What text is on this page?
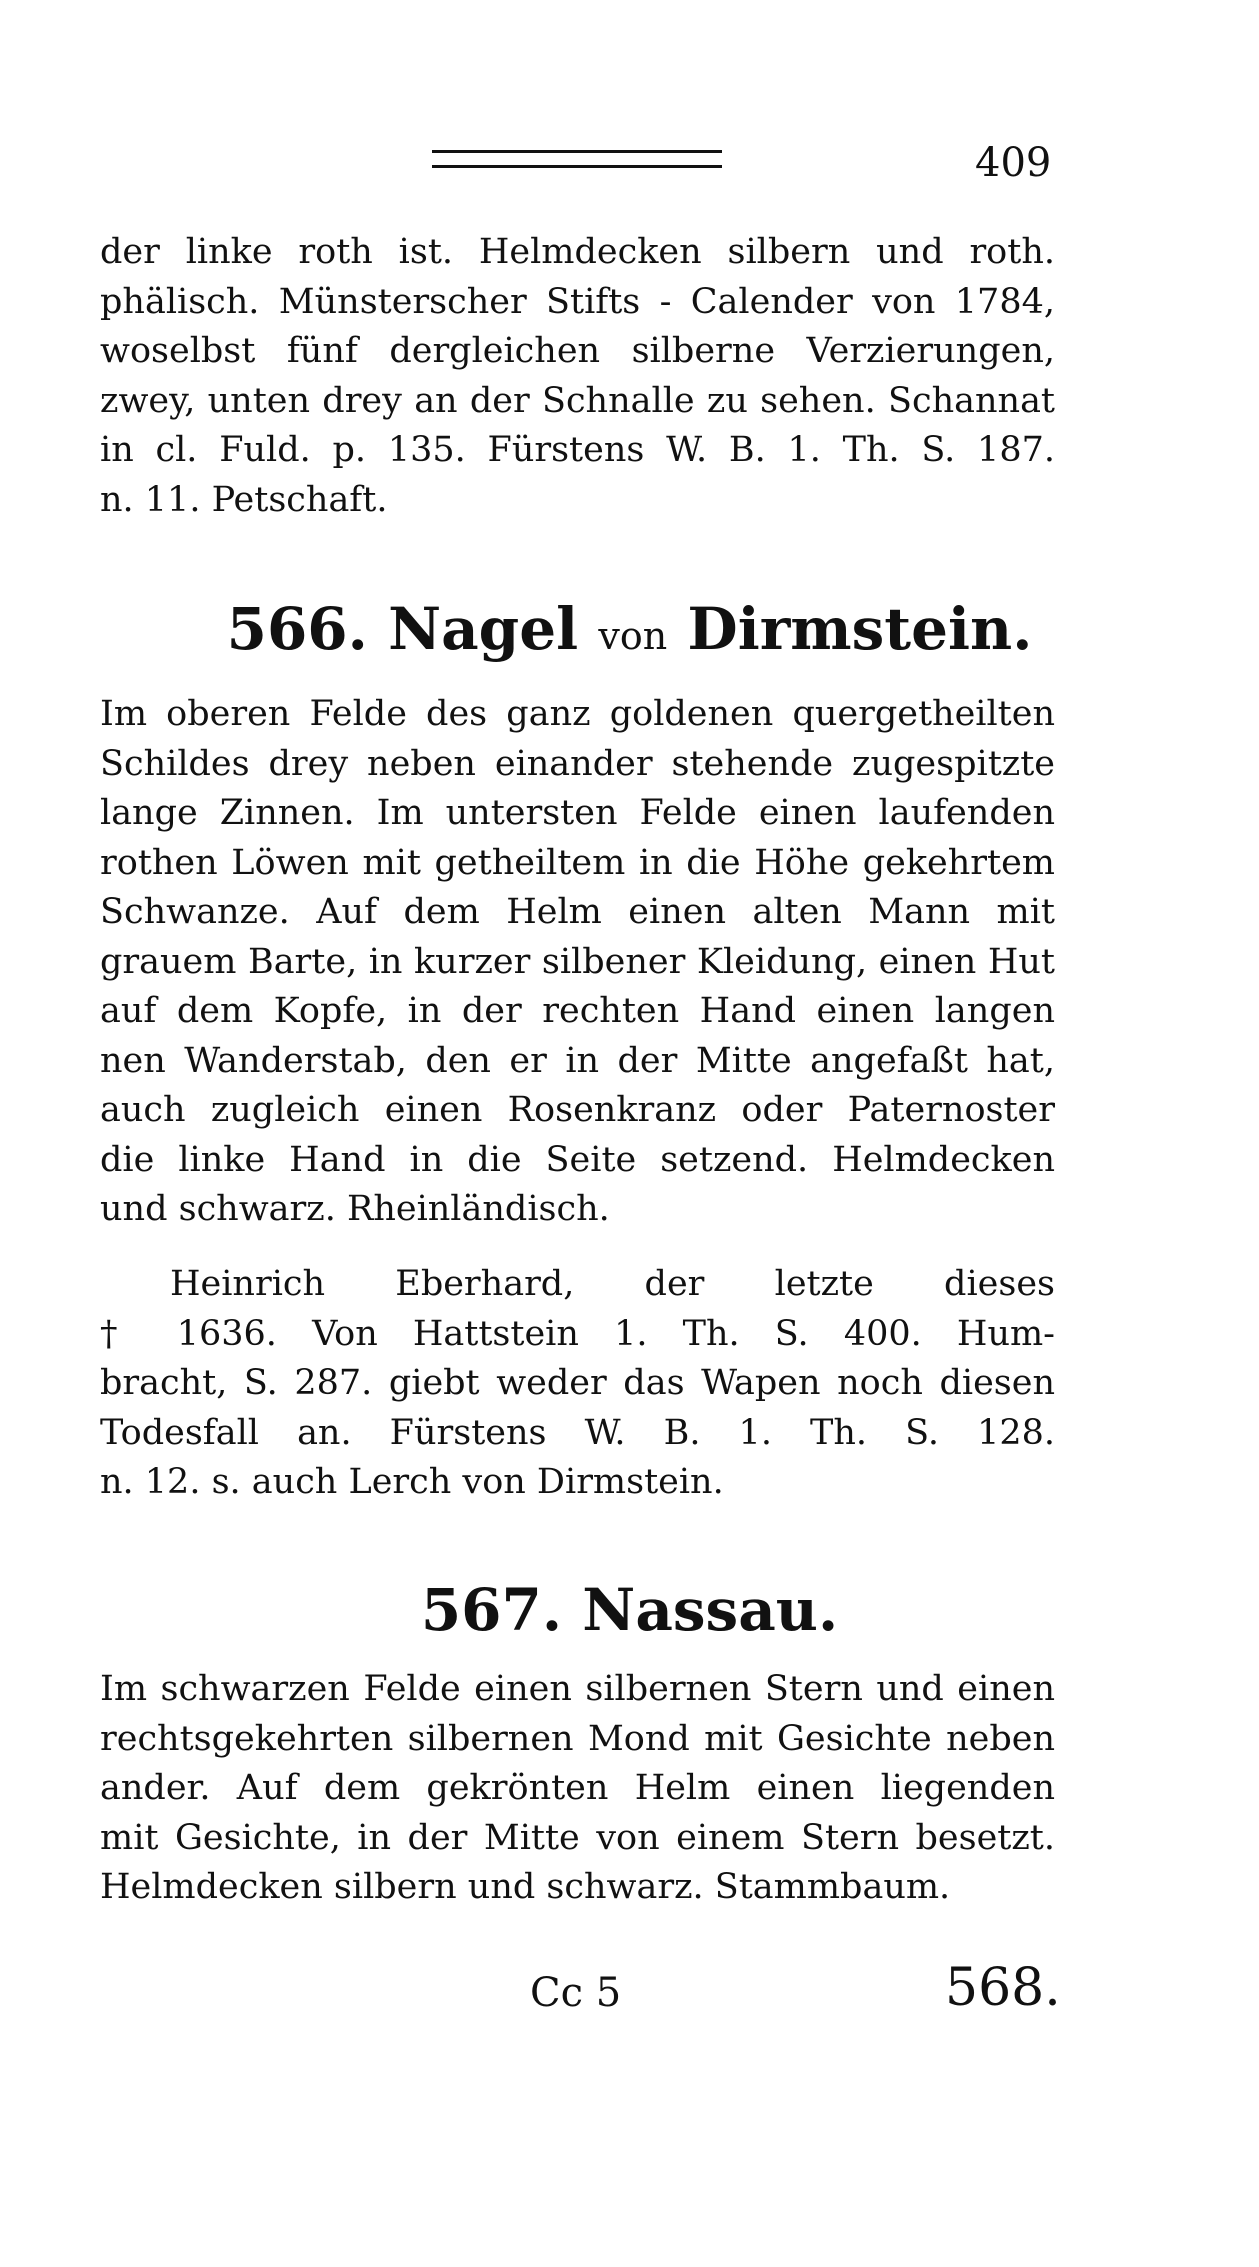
409
der linke roth ist. Helmdecken silbern und roth.
phälisch. Münsterscher Stifts - Calender von 1784,
woselbst fünf dergleichen silberne Verzierungen,
zwey, unten drey an der Schnalle zu sehen. Schannat
in cl. Fuld. p. 135. Fürstens W. B. 1. Th. S. 187.
n. 11. Petschaft.
566. Nagel von Dirmstein.
Im oberen Felde des ganz goldenen quergetheilten
Schildes drey neben einander stehende zugespitzte
lange Zinnen. Im untersten Felde einen laufenden
rothen Löwen mit getheiltem in die Höhe gekehrtem
Schwanze. Auf dem Helm einen alten Mann mit
grauem Barte, in kurzer silbener Kleidung, einen Hut
auf dem Kopfe, in der rechten Hand einen langen
nen Wanderstab, den er in der Mitte angefaßt hat,
auch zugleich einen Rosenkranz oder Paternoster
die linke Hand in die Seite setzend. Helmdecken
und schwarz. Rheinländisch.
Heinrich Eberhard, der letzte dieses
† 1636. Von Hattstein 1. Th. S. 400. Hum-
bracht, S. 287. giebt weder das Wapen noch diesen
Todesfall an. Fürstens W. B. 1. Th. S. 128.
n. 12. s. auch Lerch von Dirmstein.
567. Nassau.
Im schwarzen Felde einen silbernen Stern und einen
rechtsgekehrten silbernen Mond mit Gesichte neben
ander. Auf dem gekrönten Helm einen liegenden
mit Gesichte, in der Mitte von einem Stern besetzt.
Helmdecken silbern und schwarz. Stammbaum.
Cc 5	568.
